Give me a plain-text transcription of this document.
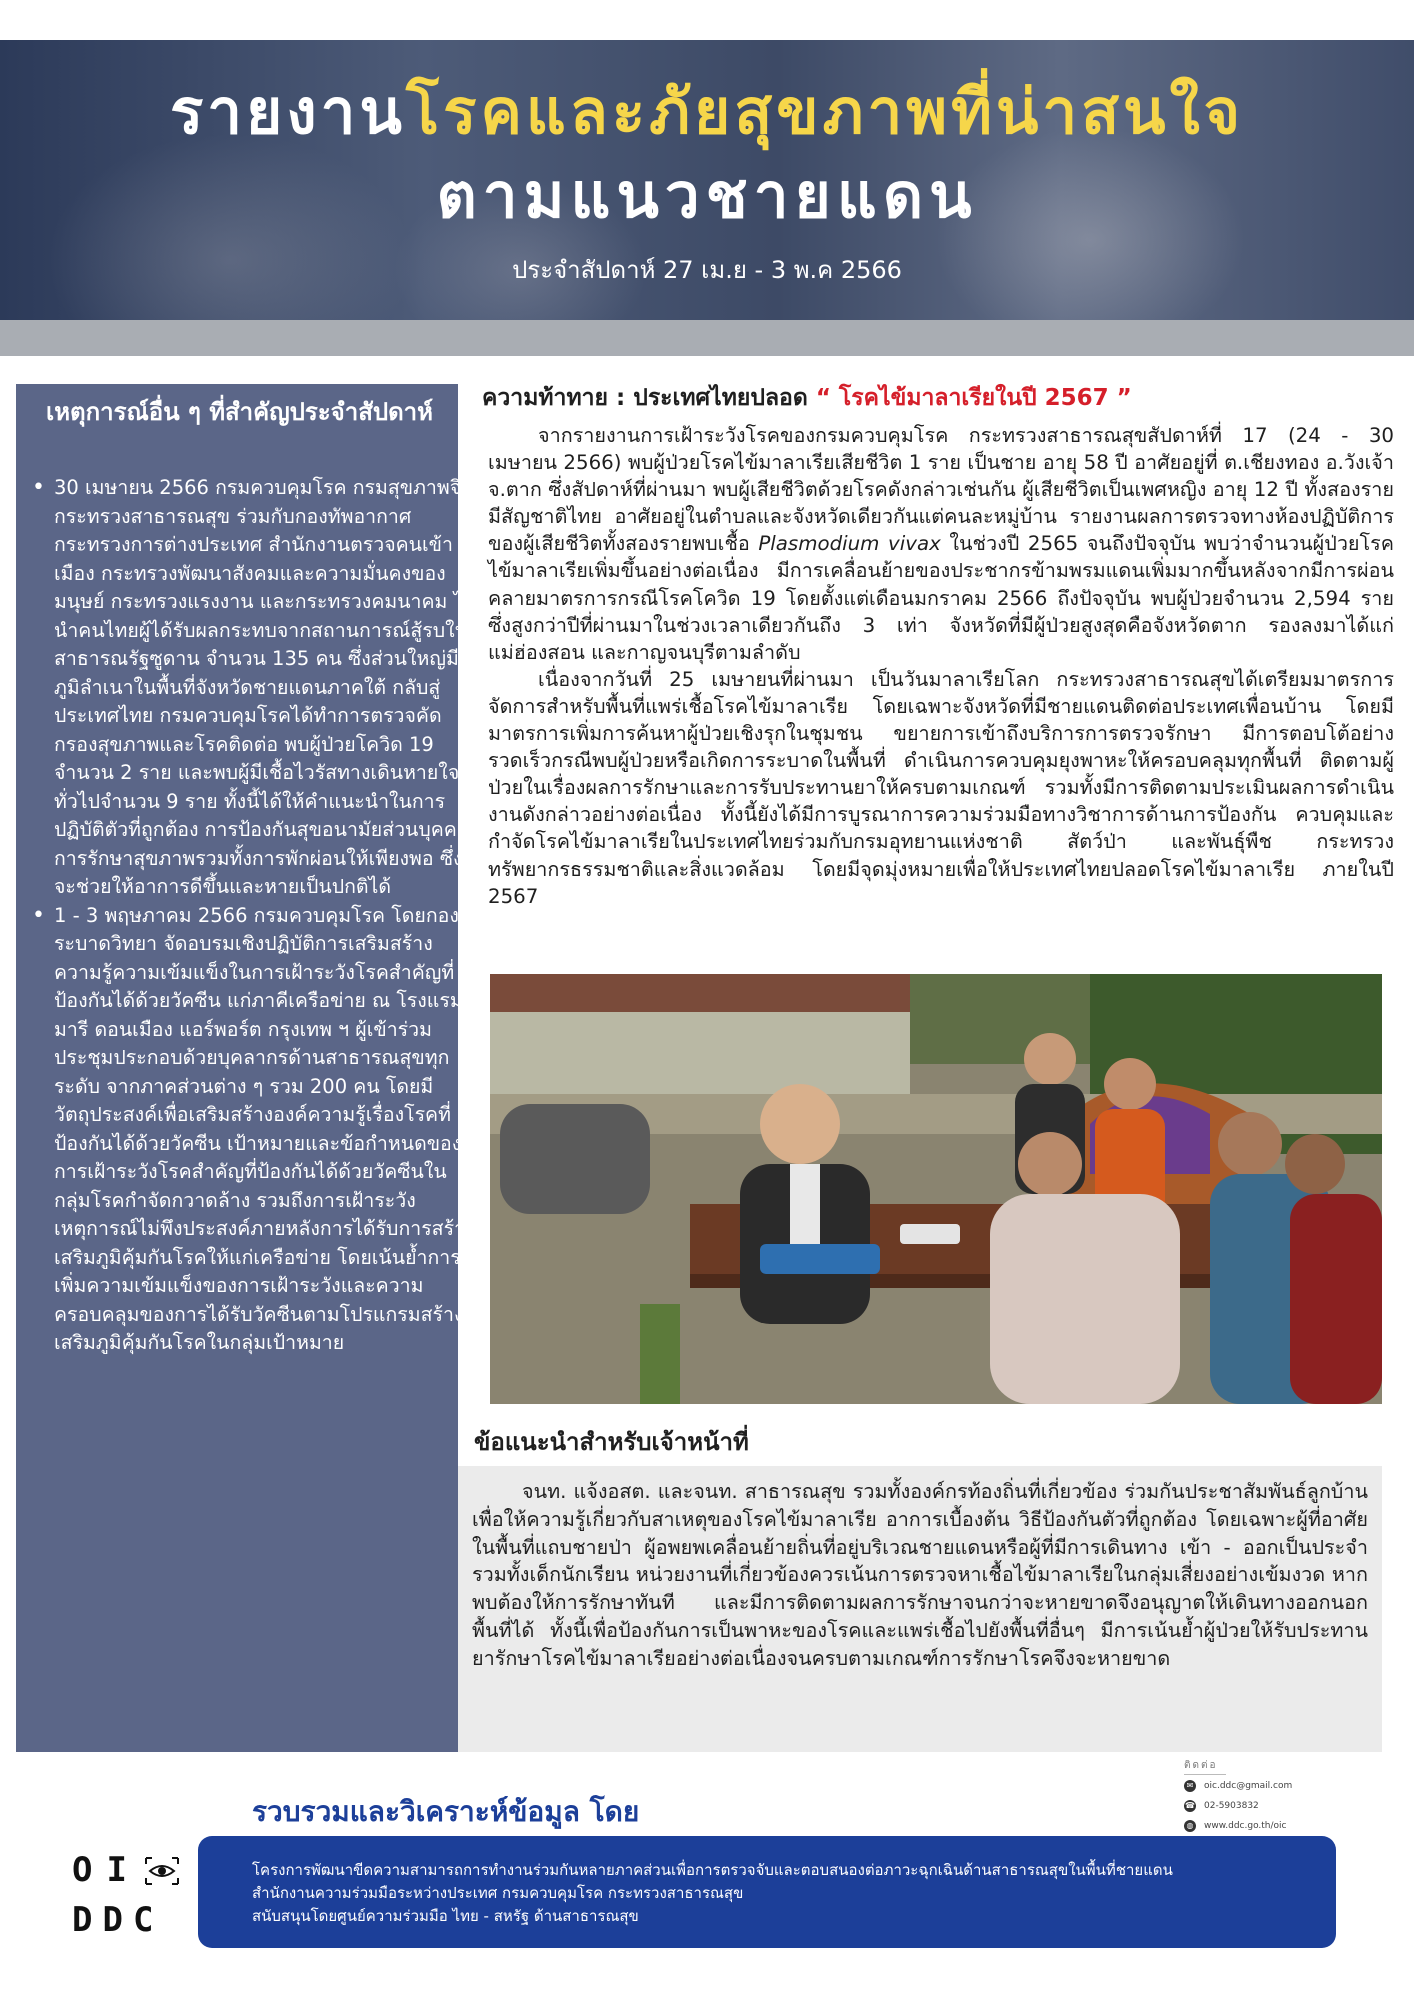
รายงานโรคและภัยสุขภาพที่น่าสนใจ
ตามแนวชายแดน
ประจำสัปดาห์ 27 เม.ย - 3 พ.ค 2566
เหตุการณ์อื่น ๆ ที่สำคัญประจำสัปดาห์
• 30 เมษายน 2566 กรมควบคุมโรค กรมสุขภาพจิต กระทรวงสาธารณสุข ร่วมกับกองทัพอากาศ กระทรวงการต่างประเทศ สำนักงานตรวจคนเข้าเมือง กระทรวงพัฒนาสังคมและความมั่นคงของมนุษย์ กระทรวงแรงงาน และกระทรวงคมนาคม ได้นำคนไทยผู้ได้รับผลกระทบจากสถานการณ์สู้รบในสาธารณรัฐซูดาน จำนวน 135 คน ซึ่งส่วนใหญ่มีภูมิลำเนาในพื้นที่จังหวัดชายแดนภาคใต้ กลับสู่ประเทศไทย กรมควบคุมโรคได้ทำการตรวจคัดกรองสุขภาพและโรคติดต่อ พบผู้ป่วยโควิด 19 จำนวน 2 ราย และพบผู้มีเชื้อไวรัสทางเดินหายใจทั่วไปจำนวน 9 ราย ทั้งนี้ได้ให้คำแนะนำในการปฏิบัติตัวที่ถูกต้อง การป้องกันสุขอนามัยส่วนบุคคล การรักษาสุขภาพรวมทั้งการพักผ่อนให้เพียงพอ ซึ่งจะช่วยให้อาการดีขึ้นและหายเป็นปกติได้
• 1 - 3 พฤษภาคม 2566 กรมควบคุมโรค โดยกองระบาดวิทยา จัดอบรมเชิงปฏิบัติการเสริมสร้างความรู้ความเข้มแข็งในการเฝ้าระวังโรคสำคัญที่ป้องกันได้ด้วยวัคซีน แก่ภาคีเครือข่าย ณ โรงแรมอมารี ดอนเมือง แอร์พอร์ต กรุงเทพ ฯ ผู้เข้าร่วมประชุมประกอบด้วยบุคลากรด้านสาธารณสุขทุกระดับ จากภาคส่วนต่าง ๆ รวม 200 คน โดยมีวัตถุประสงค์เพื่อเสริมสร้างองค์ความรู้เรื่องโรคที่ป้องกันได้ด้วยวัคซีน เป้าหมายและข้อกำหนดของการเฝ้าระวังโรคสำคัญที่ป้องกันได้ด้วยวัคซีนในกลุ่มโรคกำจัดกวาดล้าง รวมถึงการเฝ้าระวังเหตุการณ์ไม่พึงประสงค์ภายหลังการได้รับการสร้างเสริมภูมิคุ้มกันโรคให้แก่เครือข่าย โดยเน้นย้ำการเพิ่มความเข้มแข็งของการเฝ้าระวังและความครอบคลุมของการได้รับวัคซีนตามโปรแกรมสร้างเสริมภูมิคุ้มกันโรคในกลุ่มเป้าหมาย
ความท้าทาย : ประเทศไทยปลอด “ โรคไข้มาลาเรียในปี 2567 ”

จากรายงานการเฝ้าระวังโรคของกรมควบคุมโรค กระทรวงสาธารณสุขสัปดาห์ที่ 17 (24 - 30 เมษายน 2566) พบผู้ป่วยโรคไข้มาลาเรียเสียชีวิต 1 ราย เป็นชาย อายุ 58 ปี อาศัยอยู่ที่ ต.เชียงทอง อ.วังเจ้า จ.ตาก ซึ่งสัปดาห์ที่ผ่านมา พบผู้เสียชีวิตด้วยโรคดังกล่าวเช่นกัน ผู้เสียชีวิตเป็นเพศหญิง อายุ 12 ปี ทั้งสองรายมีสัญชาติไทย อาศัยอยู่ในตำบลและจังหวัดเดียวกันแต่คนละหมู่บ้าน รายงานผลการตรวจทางห้องปฏิบัติการของผู้เสียชีวิตทั้งสองรายพบเชื้อ Plasmodium vivax ในช่วงปี 2565 จนถึงปัจจุบัน พบว่าจำนวนผู้ป่วยโรคไข้มาลาเรียเพิ่มขึ้นอย่างต่อเนื่อง มีการเคลื่อนย้ายของประชากรข้ามพรมแดนเพิ่มมากขึ้นหลังจากมีการผ่อนคลายมาตรการกรณีโรคโควิด 19 โดยตั้งแต่เดือนมกราคม 2566 ถึงปัจจุบัน พบผู้ป่วยจำนวน 2,594 ราย ซึ่งสูงกว่าปีที่ผ่านมาในช่วงเวลาเดียวกันถึง 3 เท่า จังหวัดที่มีผู้ป่วยสูงสุดคือจังหวัดตาก รองลงมาได้แก่ แม่ฮ่องสอน และกาญจนบุรีตามลำดับ

เนื่องจากวันที่ 25 เมษายนที่ผ่านมา เป็นวันมาลาเรียโลก กระทรวงสาธารณสุขได้เตรียมมาตรการจัดการสำหรับพื้นที่แพร่เชื้อโรคไข้มาลาเรีย โดยเฉพาะจังหวัดที่มีชายแดนติดต่อประเทศเพื่อนบ้าน โดยมีมาตรการเพิ่มการค้นหาผู้ป่วยเชิงรุกในชุมชน ขยายการเข้าถึงบริการการตรวจรักษา มีการตอบโต้อย่างรวดเร็วกรณีพบผู้ป่วยหรือเกิดการระบาดในพื้นที่ ดำเนินการควบคุมยุงพาหะให้ครอบคลุมทุกพื้นที่ ติดตามผู้ป่วยในเรื่องผลการรักษาและการรับประทานยาให้ครบตามเกณฑ์ รวมทั้งมีการติดตามประเมินผลการดำเนินงานดังกล่าวอย่างต่อเนื่อง ทั้งนี้ยังได้มีการบูรณาการความร่วมมือทางวิชาการด้านการป้องกัน ควบคุมและกำจัดโรคไข้มาลาเรียในประเทศไทยร่วมกับกรมอุทยานแห่งชาติ สัตว์ป่า และพันธุ์พืช กระทรวงทรัพยากรธรรมชาติและสิ่งแวดล้อม โดยมีจุดมุ่งหมายเพื่อให้ประเทศไทยปลอดโรคไข้มาลาเรีย ภายในปี 2567

ข้อแนะนำสำหรับเจ้าหน้าที่

จนท. แจ้งอสต. และจนท. สาธารณสุข รวมทั้งองค์กรท้องถิ่นที่เกี่ยวข้อง ร่วมกันประชาสัมพันธ์ลูกบ้าน เพื่อให้ความรู้เกี่ยวกับสาเหตุของโรคไข้มาลาเรีย อาการเบื้องต้น วิธีป้องกันตัวที่ถูกต้อง โดยเฉพาะผู้ที่อาศัยในพื้นที่แถบชายป่า ผู้อพยพเคลื่อนย้ายถิ่นที่อยู่บริเวณชายแดนหรือผู้ที่มีการเดินทาง เข้า - ออกเป็นประจำ รวมทั้งเด็กนักเรียน หน่วยงานที่เกี่ยวข้องควรเน้นการตรวจหาเชื้อไข้มาลาเรียในกลุ่มเสี่ยงอย่างเข้มงวด หากพบต้องให้การรักษาทันที และมีการติดตามผลการรักษาจนกว่าจะหายขาดจึงอนุญาตให้เดินทางออกนอกพื้นที่ได้ ทั้งนี้เพื่อป้องกันการเป็นพาหะของโรคและแพร่เชื้อไปยังพื้นที่อื่นๆ มีการเน้นย้ำผู้ป่วยให้รับประทานยารักษาโรคไข้มาลาเรียอย่างต่อเนื่องจนครบตามเกณฑ์การรักษาโรคจึงจะหายขาด

ติดต่อ
✉ oic.ddc@gmail.com
☎ 02-5903832
◍ www.ddc.go.th/oic
รวบรวมและวิเคราะห์ข้อมูล โดย
OI
DDC
โครงการพัฒนาขีดความสามารถการทำงานร่วมกันหลายภาคส่วนเพื่อการตรวจจับและตอบสนองต่อภาวะฉุกเฉินด้านสาธารณสุขในพื้นที่ชายแดน
สำนักงานความร่วมมือระหว่างประเทศ กรมควบคุมโรค กระทรวงสาธารณสุข
สนับสนุนโดยศูนย์ความร่วมมือ ไทย - สหรัฐ ด้านสาธารณสุข
